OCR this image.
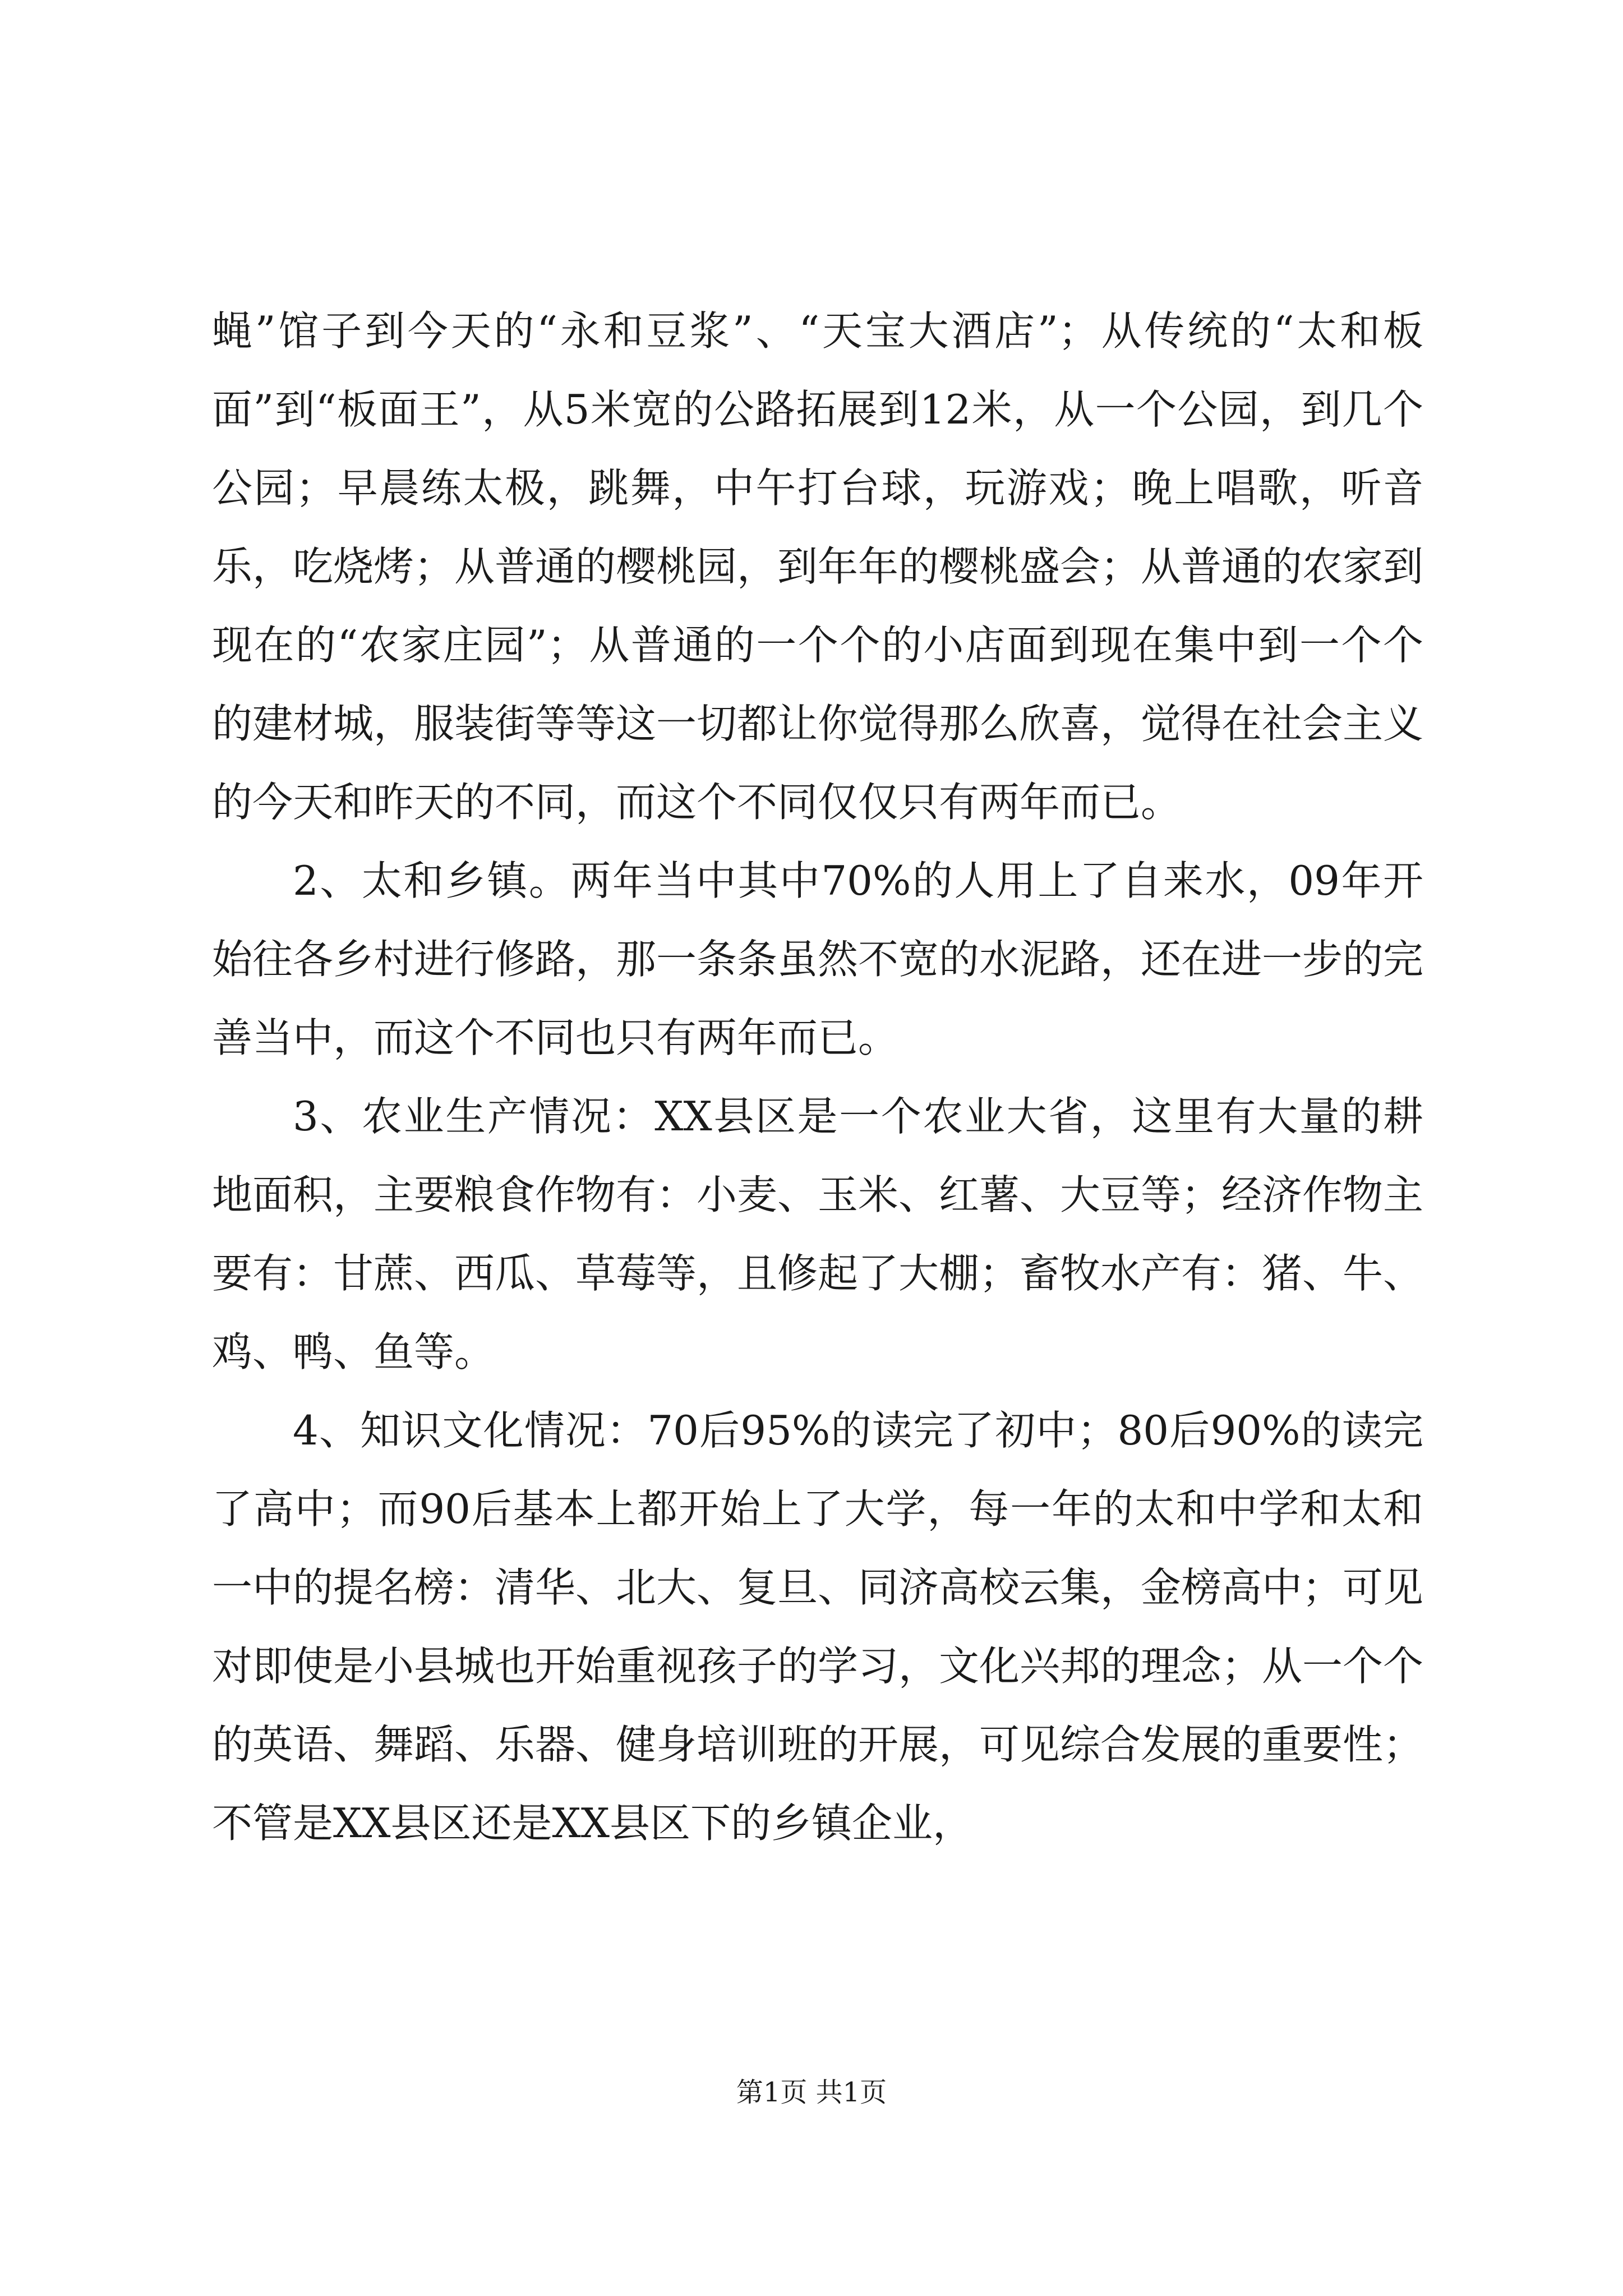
蝇”馆子到今天的“永和豆浆”、“天宝大酒店”；从传统的“太和板面”到“板面王”，从5米宽的公路拓展到12米，从一个公园，到几个公园；早晨练太极，跳舞，中午打台球，玩游戏；晚上唱歌，听音乐，吃烧烤；从普通的樱桃园，到年年的樱桃盛会；从普通的农家到现在的“农家庄园”；从普通的一个个的小店面到现在集中到一个个的建材城，服装街等等这一切都让你觉得那么欣喜，觉得在社会主义的今天和昨天的不同，而这个不同仅仅只有两年而已。

2、太和乡镇。两年当中其中70%的人用上了自来水，09年开始往各乡村进行修路，那一条条虽然不宽的水泥路，还在进一步的完善当中，而这个不同也只有两年而已。

3、农业生产情况：XX县区是一个农业大省，这里有大量的耕地面积，主要粮食作物有：小麦、玉米、红薯、大豆等；经济作物主要有：甘蔗、西瓜、草莓等，且修起了大棚；畜牧水产有：猪、牛、鸡、鸭、鱼等。

4、知识文化情况：70后95%的读完了初中；80后90%的读完了高中；而90后基本上都开始上了大学，每一年的太和中学和太和一中的提名榜：清华、北大、复旦、同济高校云集，金榜高中；可见对即使是小县城也开始重视孩子的学习，文化兴邦的理念；从一个个的英语、舞蹈、乐器、健身培训班的开展，可见综合发展的重要性；不管是XX县区还是XX县区下的乡镇企业，

第1页 共1页
